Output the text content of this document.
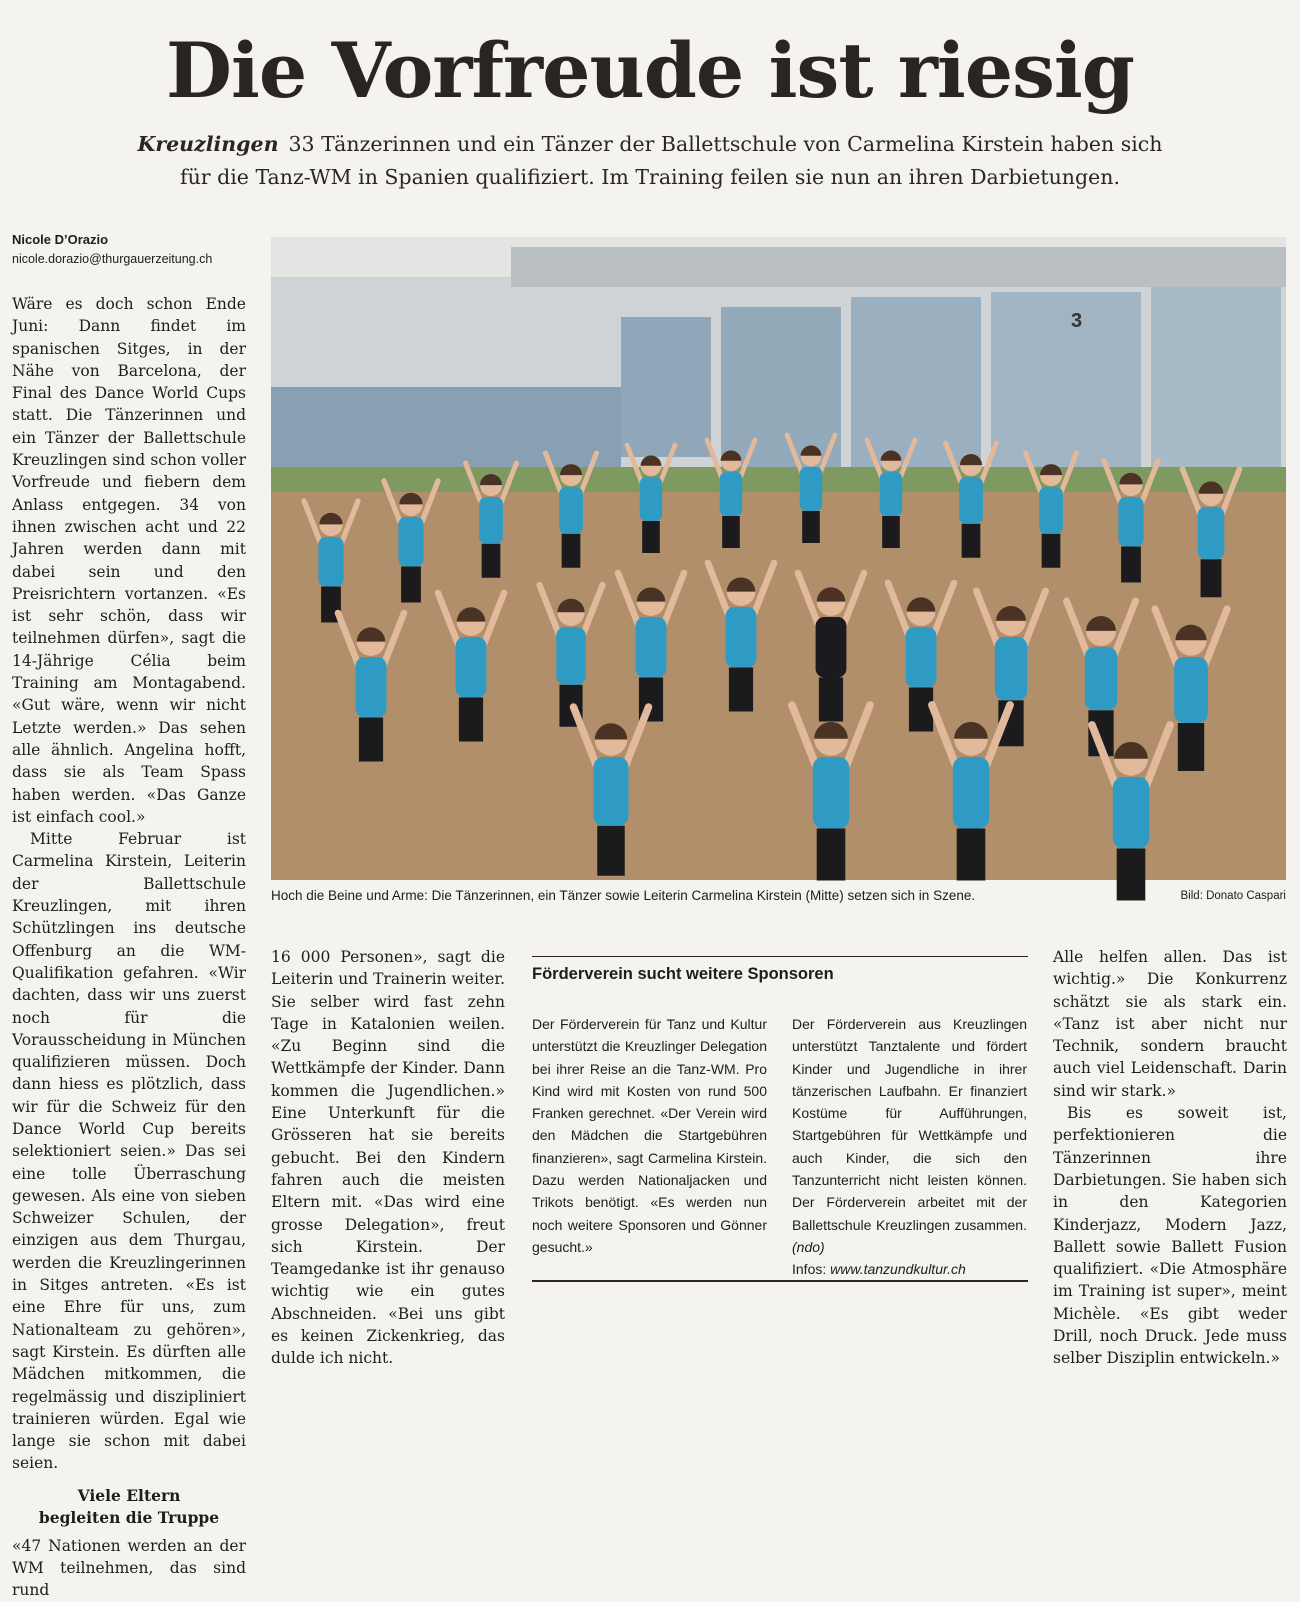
Die Vorfreude ist riesig
Kreuzlingen 33 Tänzerinnen und ein Tänzer der Ballettschule von Carmelina Kirstein haben sich
für die Tanz-WM in Spanien qualifiziert. Im Training feilen sie nun an ihren Darbietungen.
Nicole D’Orazio
nicole.dorazio@thurgauerzeitung.ch

Wäre es doch schon Ende Juni: Dann findet im spanischen Sitges, in der Nähe von Barcelona, der Final des Dance World Cups statt. Die Tänzerinnen und ein Tänzer der Ballettschule Kreuzlingen sind schon voller Vorfreude und fiebern dem Anlass entgegen. 34 von ihnen zwischen acht und 22 Jahren werden dann mit dabei sein und den Preisrichtern vortanzen. «Es ist sehr schön, dass wir teilnehmen dürfen», sagt die 14-Jährige Célia beim Training am Montagabend. «Gut wäre, wenn wir nicht Letzte werden.» Das sehen alle ähnlich. Angelina hofft, dass sie als Team Spass haben werden. «Das Ganze ist einfach cool.»

Mitte Februar ist Carmelina Kirstein, Leiterin der Ballettschule Kreuzlingen, mit ihren Schützlingen ins deutsche Offenburg an die WM-Qualifikation gefahren. «Wir dachten, dass wir uns zuerst noch für die Vorausscheidung in München qualifizieren müssen. Doch dann hiess es plötzlich, dass wir für die Schweiz für den Dance World Cup bereits selektioniert seien.» Das sei eine tolle Überraschung gewesen. Als eine von sieben Schweizer Schulen, der einzigen aus dem Thurgau, werden die Kreuzlingerinnen in Sitges antreten. «Es ist eine Ehre für uns, zum Nationalteam zu gehören», sagt Kirstein. Es dürften alle Mädchen mitkommen, die regelmässig und diszipliniert trainieren würden. Egal wie lange sie schon mit dabei seien.

Viele Eltern
begleiten die Truppe

«47 Nationen werden an der WM teilnehmen, das sind rund

3
Hoch die Beine und Arme: Die Tänzerinnen, ein Tänzer sowie Leiterin Carmelina Kirstein (Mitte) setzen sich in Szene.	Bild: Donato Caspari

16 000 Personen», sagt die Leiterin und Trainerin weiter. Sie selber wird fast zehn Tage in Katalonien weilen. «Zu Beginn sind die Wettkämpfe der Kinder. Dann kommen die Jugendlichen.» Eine Unterkunft für die Grösseren hat sie bereits gebucht. Bei den Kindern fahren auch die meisten Eltern mit. «Das wird eine grosse Delegation», freut sich Kirstein. Der Teamgedanke ist ihr genauso wichtig wie ein gutes Abschneiden. «Bei uns gibt es keinen Zickenkrieg, das dulde ich nicht.

Förderverein sucht weitere Sponsoren
Der Förderverein für Tanz und Kultur unterstützt die Kreuzlinger Delegation bei ihrer Reise an die Tanz-WM. Pro Kind wird mit Kosten von rund 500 Franken gerechnet. «Der Verein wird den Mädchen die Startgebühren finanzieren», sagt Carmelina Kirstein. Dazu werden Nationaljacken und Trikots benötigt. «Es werden nun noch weitere Sponsoren und Gönner gesucht.»
Der Förderverein aus Kreuzlingen unterstützt Tanztalente und fördert Kinder und Jugendliche in ihrer tänzerischen Laufbahn. Er finanziert Kostüme für Aufführungen, Startgebühren für Wettkämpfe und auch Kinder, die sich den Tanzunterricht nicht leisten können. Der Förderverein arbeitet mit der Ballettschule Kreuzlingen zusammen. (ndo)
Infos: www.tanzundkultur.ch

Alle helfen allen. Das ist wichtig.» Die Konkurrenz schätzt sie als stark ein. «Tanz ist aber nicht nur Technik, sondern braucht auch viel Leidenschaft. Darin sind wir stark.»

Bis es soweit ist, perfektionieren die Tänzerinnen ihre Darbietungen. Sie haben sich in den Kategorien Kinderjazz, Modern Jazz, Ballett sowie Ballett Fusion qualifiziert. «Die Atmosphäre im Training ist super», meint Michèle. «Es gibt weder Drill, noch Druck. Jede muss selber Disziplin entwickeln.»
